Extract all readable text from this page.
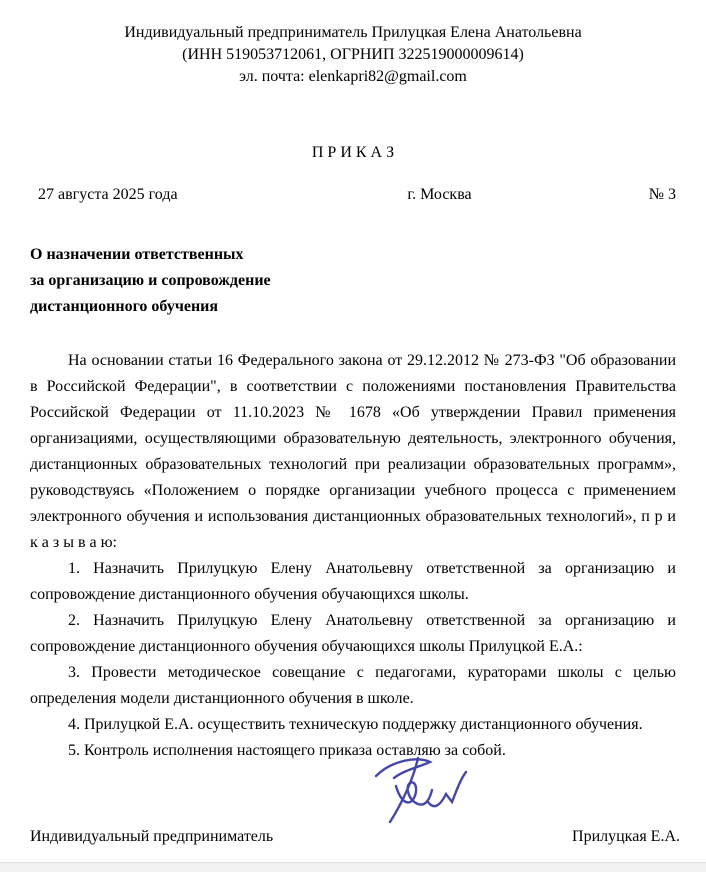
Индивидуальный предприниматель Прилуцкая Елена Анатольевна
(ИНН 519053712061, ОГРНИП 322519000009614)
эл. почта: elenkapri82@gmail.com
П Р И К А З
27 августа 2025 года	г. Москва	№ 3
О назначении ответственных
за организацию и сопровождение
дистанционного обучения

На основании статьи 16 Федерального закона от 29.12.2012 № 273-ФЗ "Об образовании в Российской Федерации", в соответствии с положениями постановления Правительства Российской Федерации от 11.10.2023 № 1678 «Об утверждении Правил применения организациями, осуществляющими образовательную деятельность, электронного обучения, дистанционных образовательных технологий при реализации образовательных программ», руководствуясь «Положением о порядке организации учебного процесса с применением электронного обучения и использования дистанционных образовательных технологий», п р и к а з ы в а ю:

1. Назначить Прилуцкую Елену Анатольевну ответственной за организацию и сопровождение дистанционного обучения обучающихся школы.

2. Назначить Прилуцкую Елену Анатольевну ответственной за организацию и сопровождение дистанционного обучения обучающихся школы Прилуцкой Е.А.:

3. Провести методическое совещание с педагогами, кураторами школы с целью определения модели дистанционного обучения в школе.

4. Прилуцкой Е.А. осуществить техническую поддержку дистанционного обучения.

5. Контроль исполнения настоящего приказа оставляю за собой.

Индивидуальный предприниматель	Прилуцкая Е.А.
